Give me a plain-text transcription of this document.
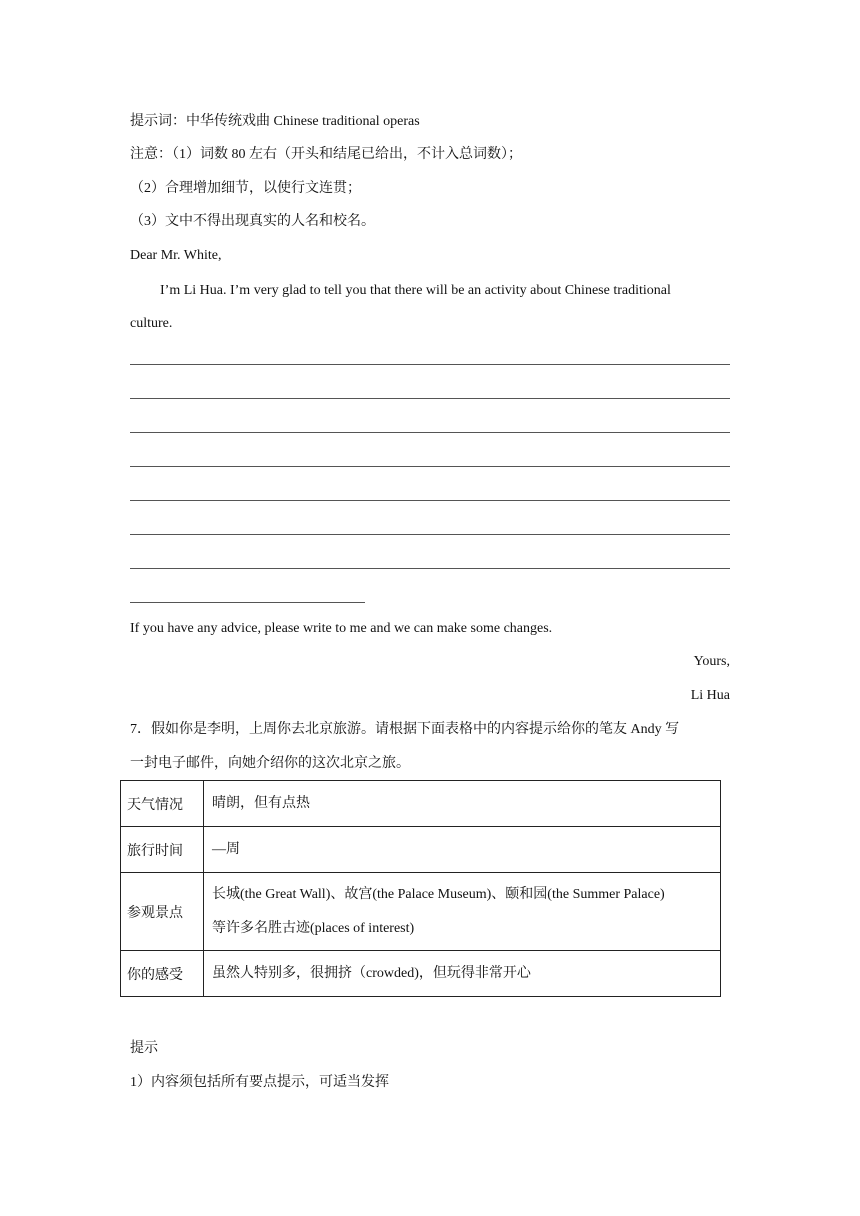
提示词：中华传统戏曲 Chinese traditional operas
注意：（1）词数 80 左右（开头和结尾已给出，不计入总词数）；
（2）合理增加细节，以使行文连贯；
（3）文中不得出现真实的人名和校名。
Dear Mr. White,
I’m Li Hua. I’m very glad to tell you that there will be an activity about Chinese traditional
culture.
If you have any advice, please write to me and we can make some changes.
Yours,
Li Hua
7．假如你是李明，上周你去北京旅游。请根据下面表格中的内容提示给你的笔友 Andy 写
一封电子邮件，向她介绍你的这次北京之旅。
天气情况	晴朗，但有点热
旅行时间	—周
参观景点	长城(the Great Wall)、故宫(the Palace Museum)、颐和园(the Summer Palace)
等许多名胜古迹(places of interest)

你的感受	虽然人特别多，很拥挤（crowded)，但玩得非常开心
提示
1）内容须包括所有要点提示，可适当发挥
